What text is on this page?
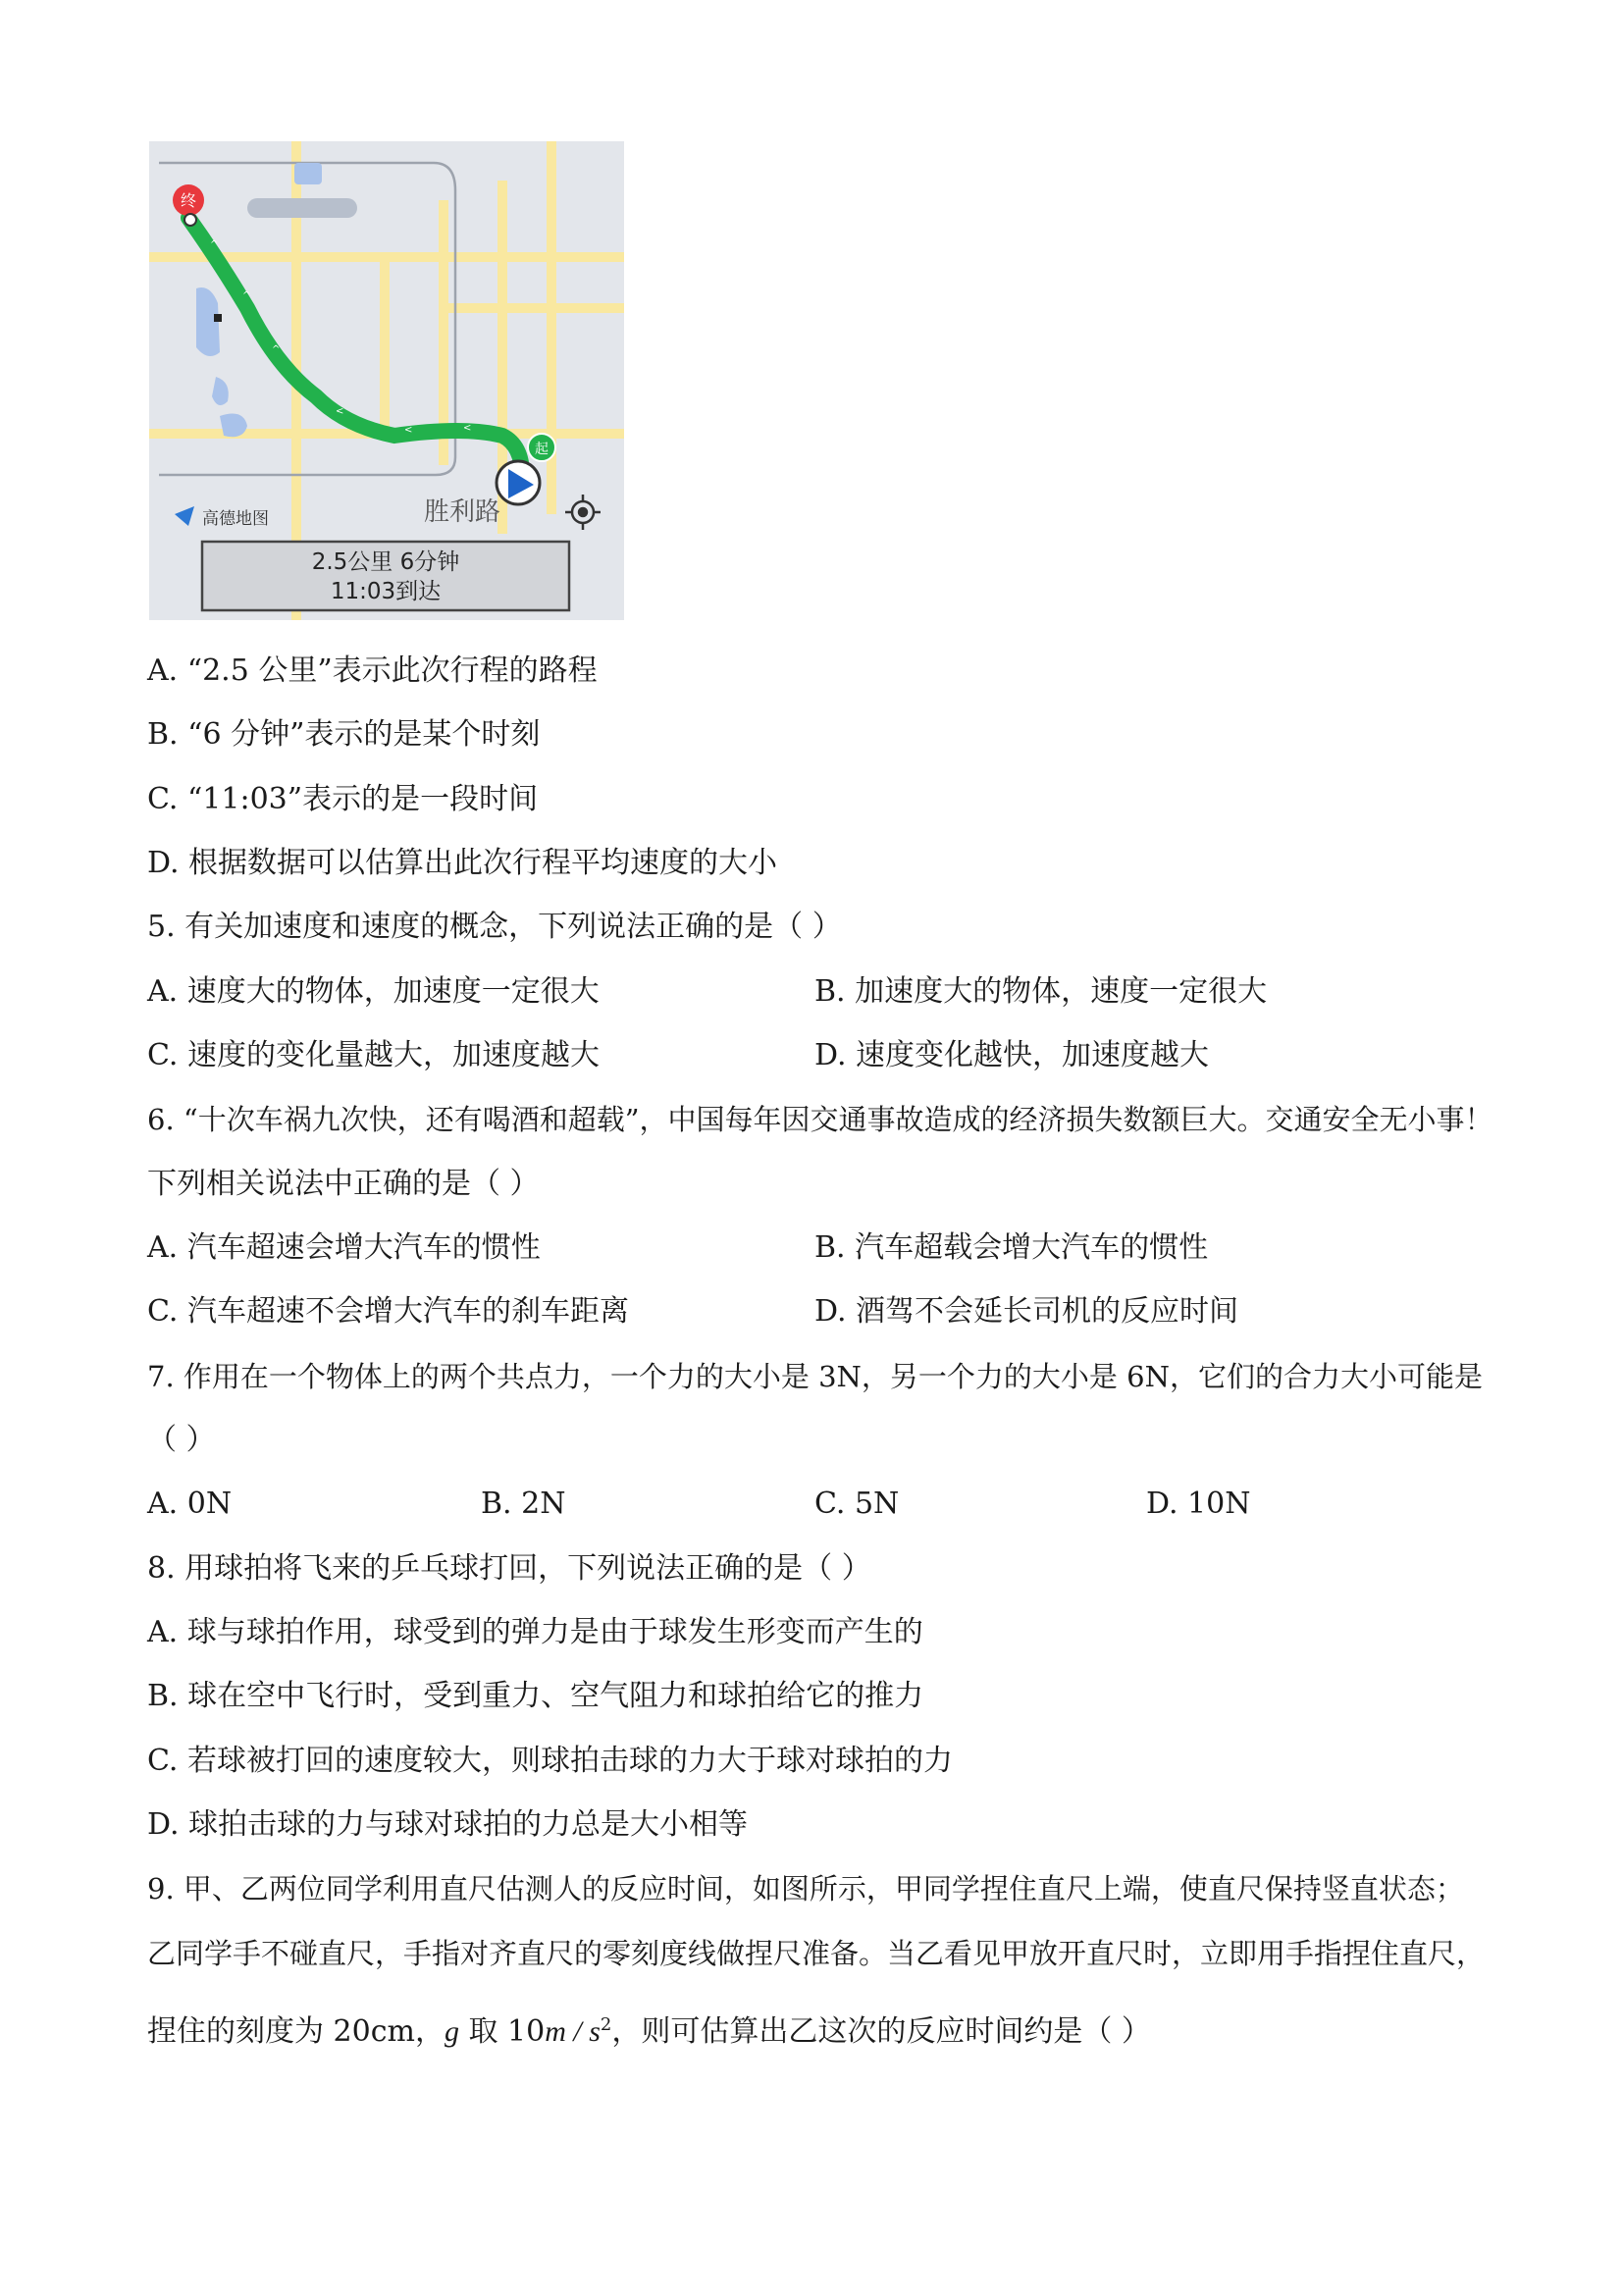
^
^
^
<
<	<
终
起
高德地图	胜利路
2.5公里 6分钟
11:03到达
A. “2.5 公里”表示此次行程的路程
B. “6 分钟”表示的是某个时刻
C. “11:03”表示的是一段时间
D. 根据数据可以估算出此次行程平均速度的大小
5. 有关加速度和速度的概念，下列说法正确的是（ ）
A. 速度大的物体，加速度一定很大	B. 加速度大的物体，速度一定很大
C. 速度的变化量越大，加速度越大	D. 速度变化越快，加速度越大
6. “十次车祸九次快，还有喝酒和超载”，中国每年因交通事故造成的经济损失数额巨大。交通安全无小事！
下列相关说法中正确的是（ ）
A. 汽车超速会增大汽车的惯性	B. 汽车超载会增大汽车的惯性
C. 汽车超速不会增大汽车的刹车距离	D. 酒驾不会延长司机的反应时间
7. 作用在一个物体上的两个共点力，一个力的大小是 3N，另一个力的大小是 6N，它们的合力大小可能是
（ ）
A. 0N	B. 2N	C. 5N	D. 10N
8. 用球拍将飞来的乒乓球打回，下列说法正确的是（ ）
A. 球与球拍作用，球受到的弹力是由于球发生形变而产生的
B. 球在空中飞行时，受到重力、空气阻力和球拍给它的推力
C. 若球被打回的速度较大，则球拍击球的力大于球对球拍的力
D. 球拍击球的力与球对球拍的力总是大小相等
9. 甲、乙两位同学利用直尺估测人的反应时间，如图所示，甲同学捏住直尺上端，使直尺保持竖直状态；
乙同学手不碰直尺，手指对齐直尺的零刻度线做捏尺准备。当乙看见甲放开直尺时，立即用手指捏住直尺，
捏住的刻度为 20cm，g 取 $10m / s^2$，则可估算出乙这次的反应时间约是（ ）
